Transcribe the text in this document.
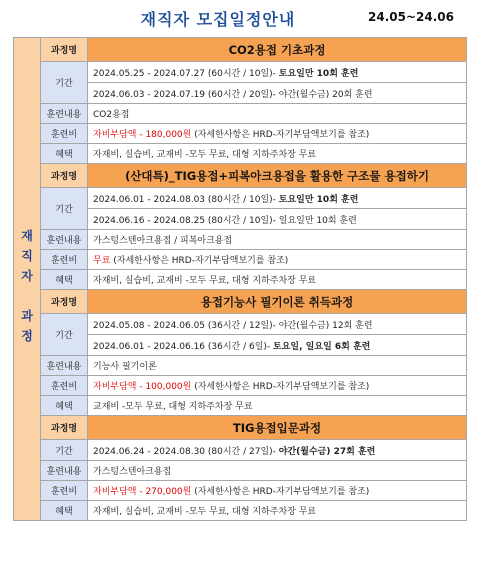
재직자 모집일정안내	24.05~24.06
재
직
자

과
정	과정명	CO2용접 기초과정
	기간	2024.05.25 - 2024.07.27 (60시간 / 10일)- 토요일만 10회 훈련
		2024.06.03 - 2024.07.19 (60시간 / 20일)- 야간(월수금) 20회 훈련
	훈련내용	CO2용접
	훈련비	자비부담액 - 180,000원 (자세한사항은 HRD-자기부담액보기를 참조)
	혜택	자재비, 실습비, 교재비 -모두 무료, 대형 지하주차장 무료
	과정명	(산대특)_TIG용접+피복아크용접을 활용한 구조물 용접하기
	기간	2024.06.01 - 2024.08.03 (80시간 / 10일)- 토요일만 10회 훈련
		2024.06.16 - 2024.08.25 (80시간 / 10일)- 일요일만 10회 훈련
	훈련내용	가스텅스텐아크용접 / 피복아크용접
	훈련비	무료 (자세한사항은 HRD-자기부담액보기를 참조)
	혜택	자재비, 실습비, 교재비 -모두 무료, 대형 지하주차장 무료
	과정명	용접기능사 필기이론 취득과정
	기간	2024.05.08 - 2024.06.05 (36시간 / 12일)- 야간(월수금) 12회 훈련
		2024.06.01 - 2024.06.16 (36시간 / 6일)- 토요일, 일요일 6회 훈련
	훈련내용	기능사 필기이론
	훈련비	자비부담액 - 100,000원 (자세한사항은 HRD-자기부담액보기를 참조)
	혜택	교재비 -모두 무료, 대형 지하주차장 무료
	과정명	TIG용접입문과정
	기간	2024.06.24 - 2024.08.30 (80시간 / 27일)- 야간(월수금) 27회 훈련
	훈련내용	가스텅스텐아크용접
	훈련비	자비부담액 - 270,000원 (자세한사항은 HRD-자기부담액보기를 참조)
	혜택	자재비, 실습비, 교재비 -모두 무료, 대형 지하주차장 무료
